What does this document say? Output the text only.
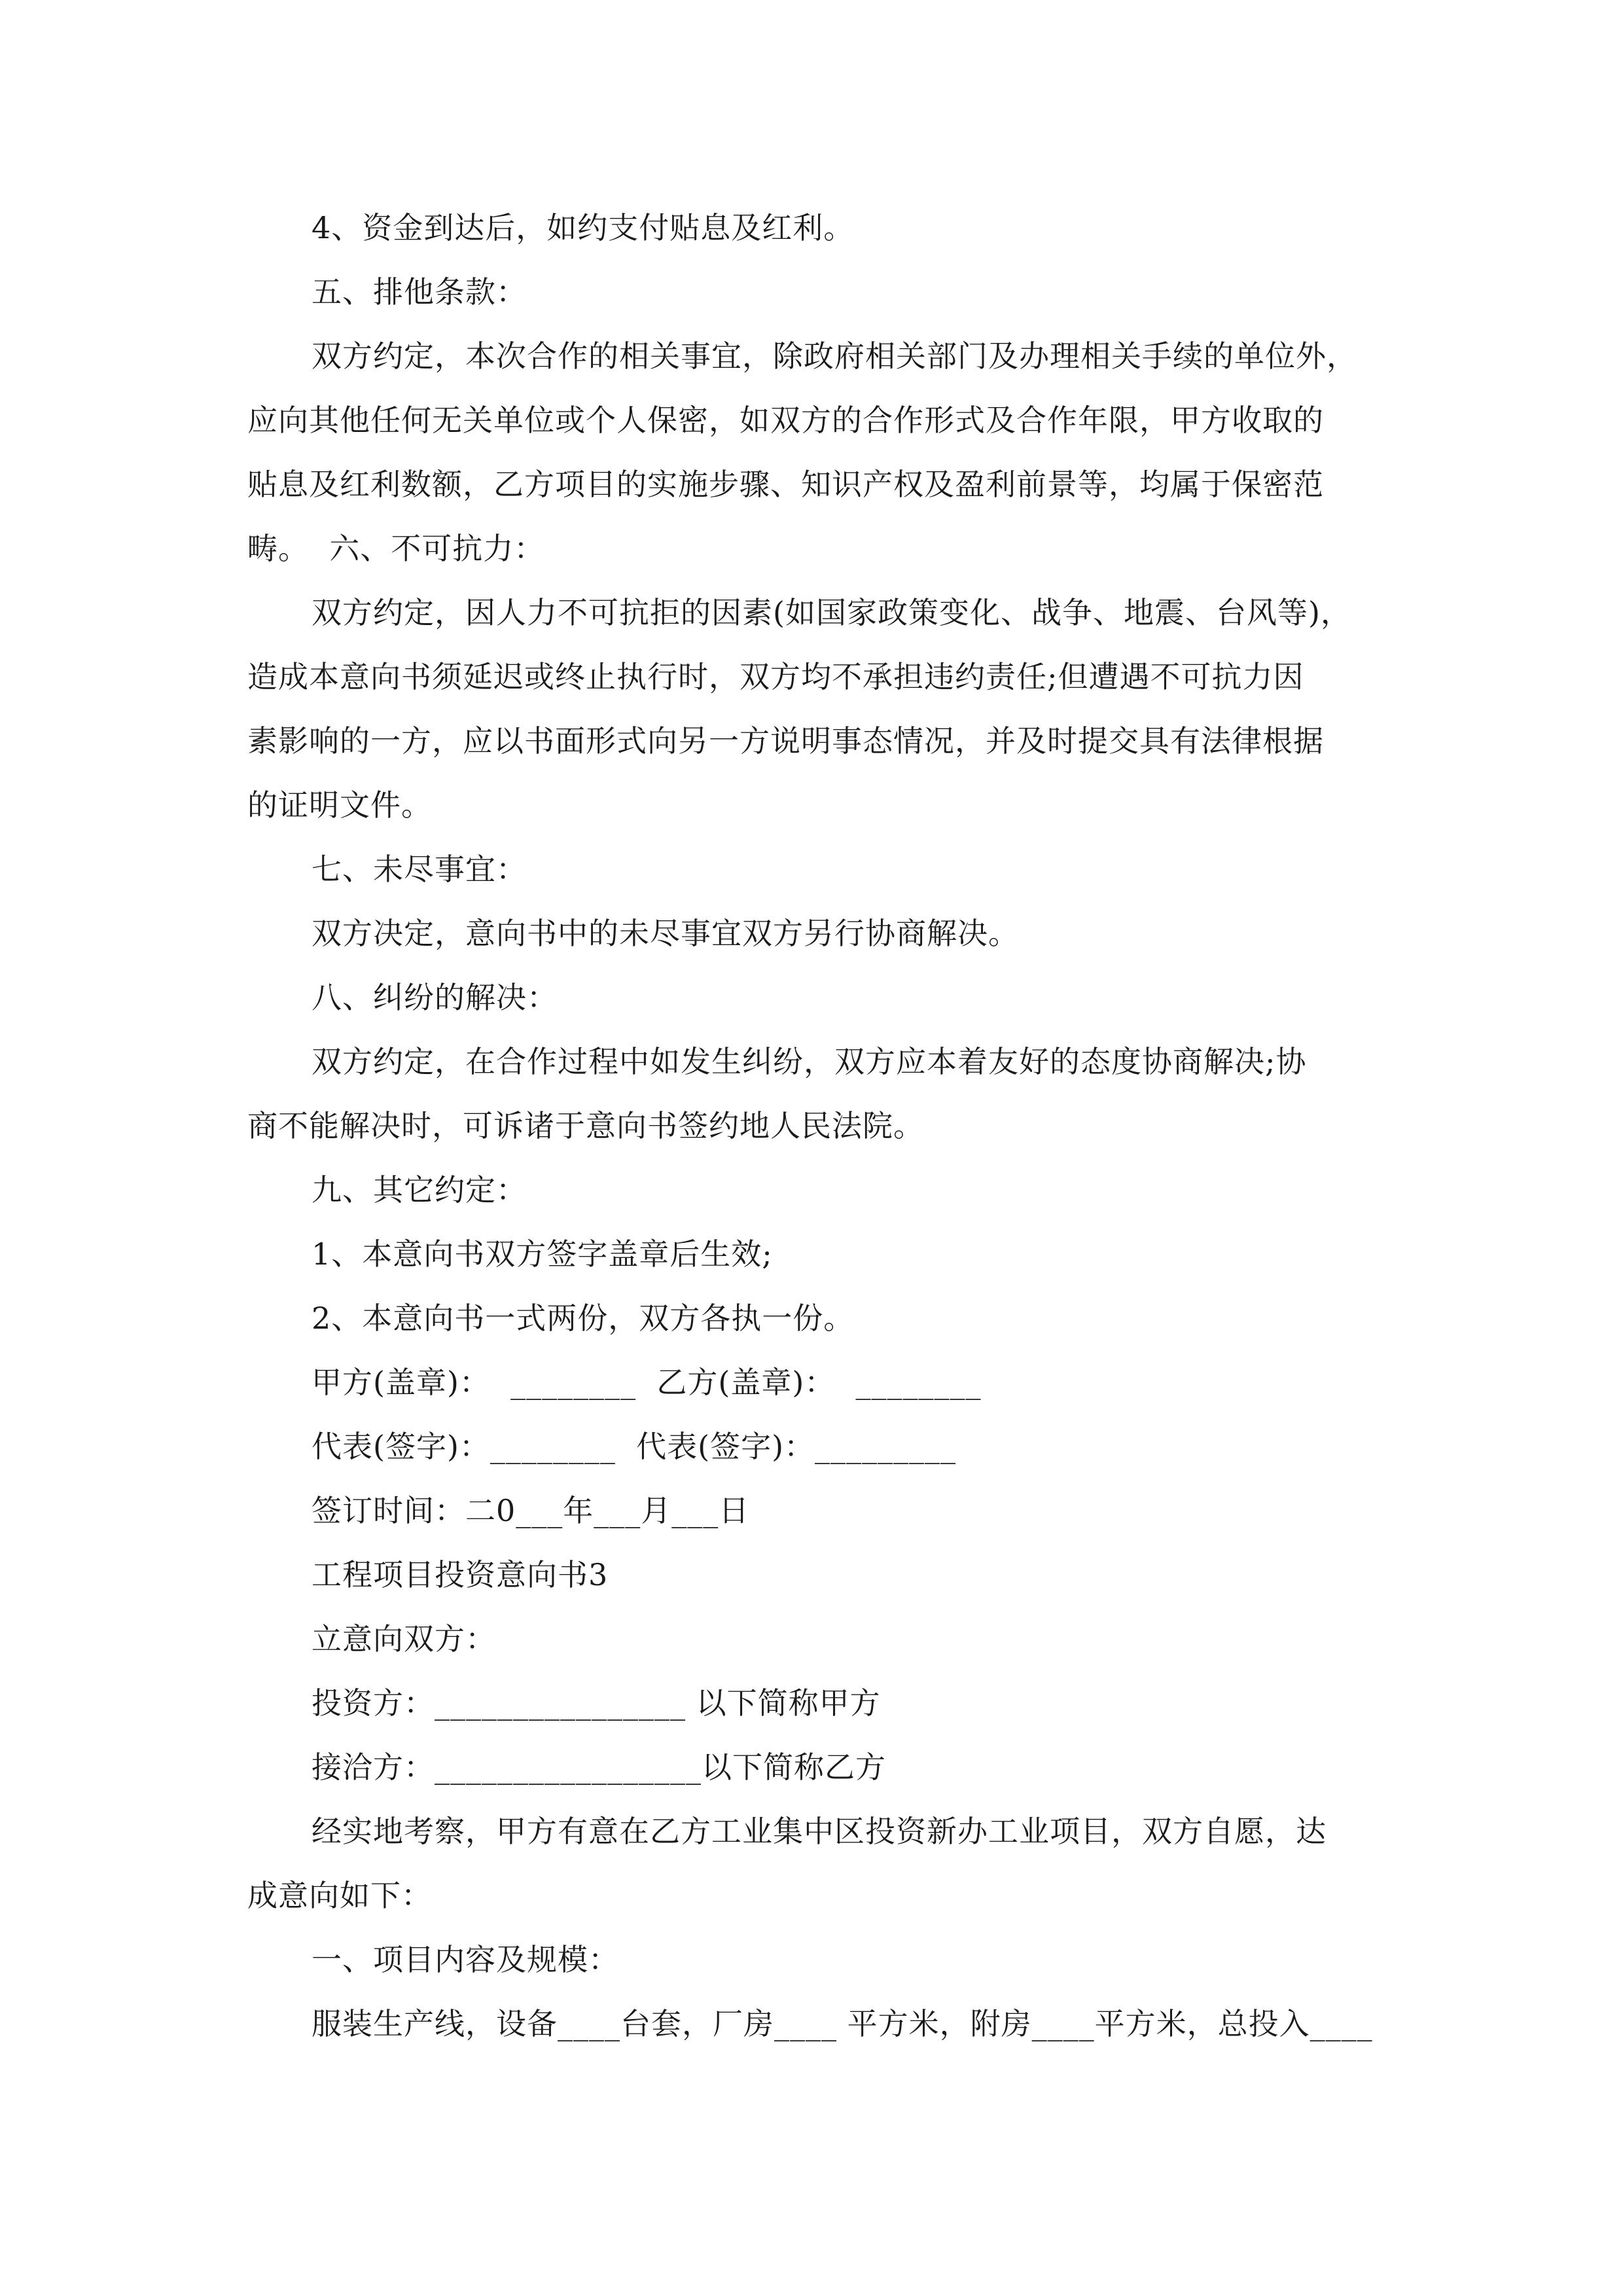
4、资金到达后，如约支付贴息及红利。
五、排他条款：
双方约定，本次合作的相关事宜，除政府相关部门及办理相关手续的单位外，
应向其他任何无关单位或个人保密，如双方的合作形式及合作年限，甲方收取的
贴息及红利数额，乙方项目的实施步骤、知识产权及盈利前景等，均属于保密范
畴。  六、不可抗力：
双方约定，因人力不可抗拒的因素(如国家政策变化、战争、地震、台风等)，
造成本意向书须延迟或终止执行时，双方均不承担违约责任;但遭遇不可抗力因
素影响的一方，应以书面形式向另一方说明事态情况，并及时提交具有法律根据
的证明文件。
七、未尽事宜：
双方决定，意向书中的未尽事宜双方另行协商解决。
八、纠纷的解决：
双方约定，在合作过程中如发生纠纷，双方应本着友好的态度协商解决;协
商不能解决时，可诉诸于意向书签约地人民法院。
九、其它约定：
1、本意向书双方签字盖章后生效;
2、本意向书一式两份，双方各执一份。
甲方(盖章)：  ________  乙方(盖章)：  ________
代表(签字)：________  代表(签字)：_________
签订时间：二0___年___月___日
工程项目投资意向书3
立意向双方：
投资方：________________ 以下简称甲方
接洽方：_________________以下简称乙方
经实地考察，甲方有意在乙方工业集中区投资新办工业项目，双方自愿，达
成意向如下：
一、项目内容及规模：
服装生产线，设备____台套，厂房____ 平方米，附房____平方米，总投入____
